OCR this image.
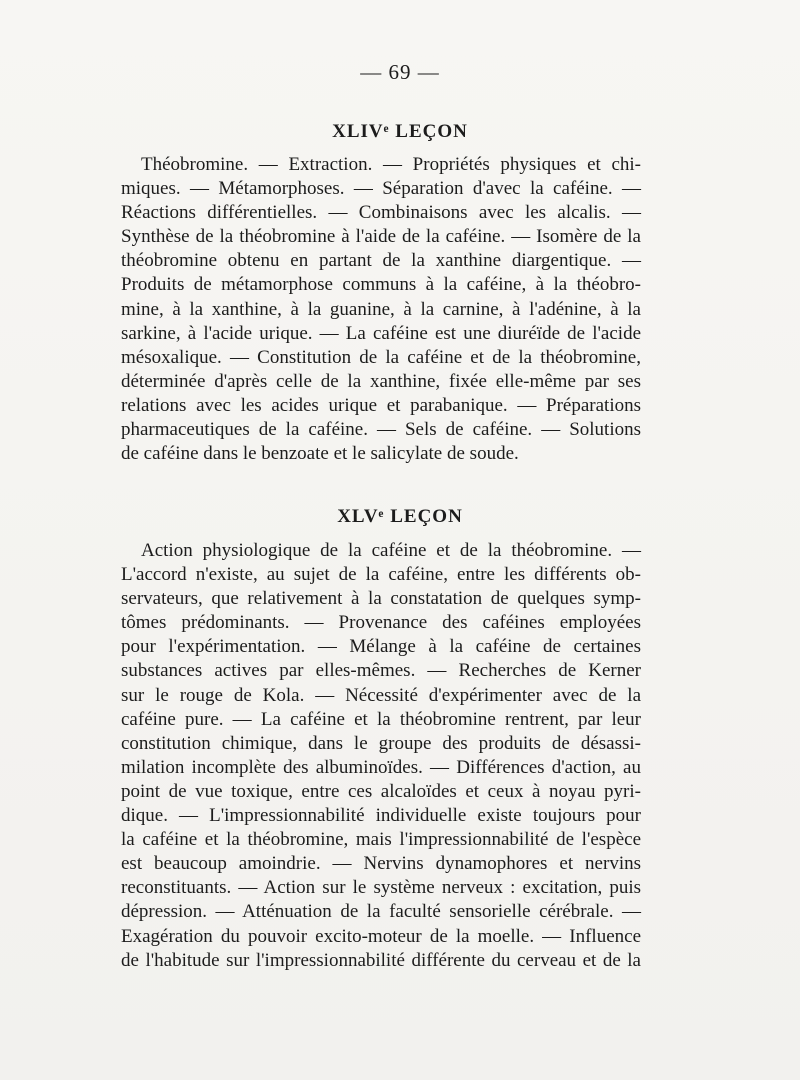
— 69 —
XLIVᵉ LEÇON
Théobromine. — Extraction. — Propriétés physiques et chi-
miques. — Métamorphoses. — Séparation d'avec la caféine. —
Réactions différentielles. — Combinaisons avec les alcalis. —
Synthèse de la théobromine à l'aide de la caféine. — Isomère de la
théobromine obtenu en partant de la xanthine diargentique. —
Produits de métamorphose communs à la caféine, à la théobro-
mine, à la xanthine, à la guanine, à la carnine, à l'adénine, à la
sarkine, à l'acide urique. — La caféine est une diuréïde de l'acide
mésoxalique. — Constitution de la caféine et de la théobromine,
déterminée d'après celle de la xanthine, fixée elle-même par ses
relations avec les acides urique et parabanique. — Préparations
pharmaceutiques de la caféine. — Sels de caféine. — Solutions
de caféine dans le benzoate et le salicylate de soude.
XLVᵉ LEÇON
Action physiologique de la caféine et de la théobromine. —
L'accord n'existe, au sujet de la caféine, entre les différents ob-
servateurs, que relativement à la constatation de quelques symp-
tômes prédominants. — Provenance des caféines employées
pour l'expérimentation. — Mélange à la caféine de certaines
substances actives par elles-mêmes. — Recherches de Kerner
sur le rouge de Kola. — Nécessité d'expérimenter avec de la
caféine pure. — La caféine et la théobromine rentrent, par leur
constitution chimique, dans le groupe des produits de désassi-
milation incomplète des albuminoïdes. — Différences d'action, au
point de vue toxique, entre ces alcaloïdes et ceux à noyau pyri-
dique. — L'impressionnabilité individuelle existe toujours pour
la caféine et la théobromine, mais l'impressionnabilité de l'espèce
est beaucoup amoindrie. — Nervins dynamophores et nervins
reconstituants. — Action sur le système nerveux : excitation, puis
dépression. — Atténuation de la faculté sensorielle cérébrale. —
Exagération du pouvoir excito-moteur de la moelle. — Influence
de l'habitude sur l'impressionnabilité différente du cerveau et de la
